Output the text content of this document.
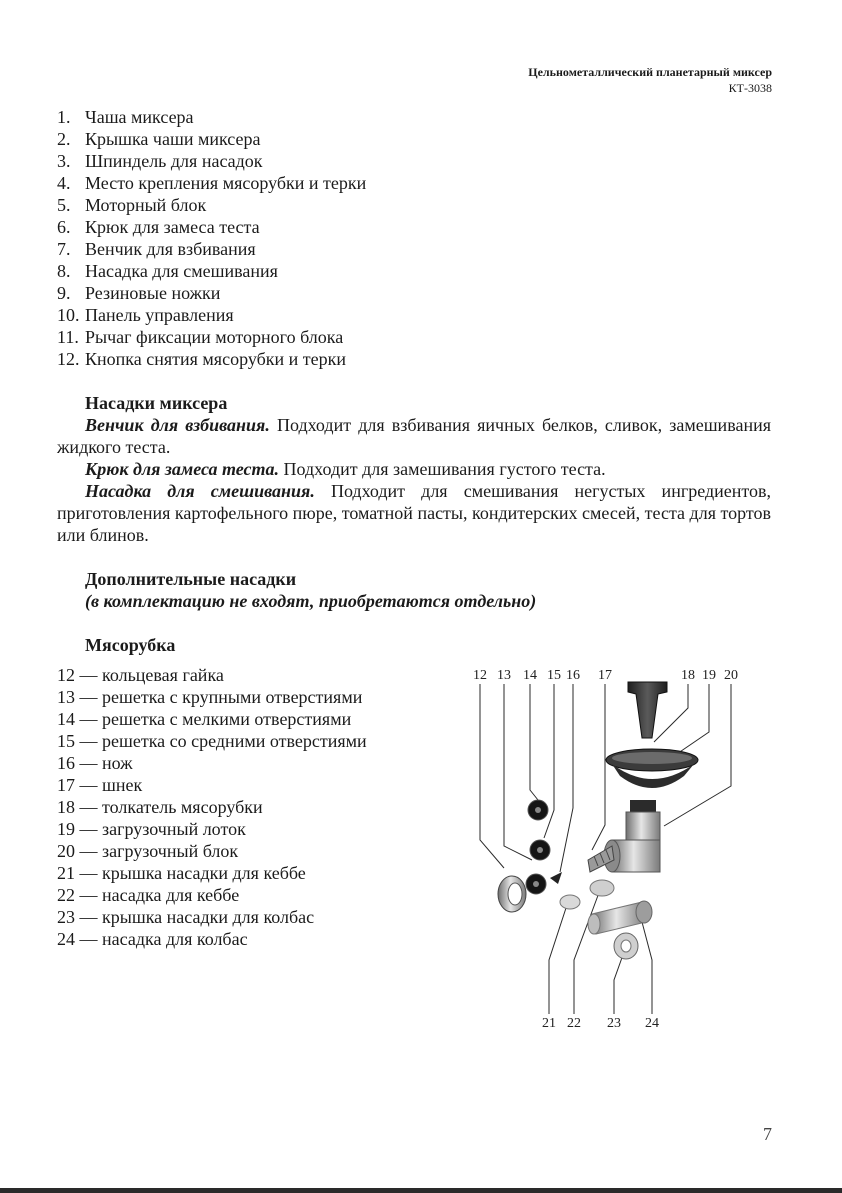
Цельнометаллический планетарный миксер
КТ-3038
1. Чаша миксера
2. Крышка чаши миксера
3. Шпиндель для насадок
4. Место крепления мясорубки и терки
5. Моторный блок
6. Крюк для замеса теста
7. Венчик для взбивания
8. Насадка для смешивания
9. Резиновые ножки
10. Панель управления
11. Рычаг фиксации моторного блока
12. Кнопка снятия мясорубки и терки
Насадки миксера

Венчик для взбивания. Подходит для взбивания яичных белков, сливок, замешивания жидкого теста.

Крюк для замеса теста. Подходит для замешивания густого теста.

Насадка для смешивания. Подходит для смешивания негустых ингредиентов, приготовления картофельного пюре, томатной пасты, кондитерских смесей, теста для тортов или блинов.

Дополнительные насадки
(в комплектацию не входят, приобретаются отдельно)
Мясорубка
12 — кольцевая гайка
13 — решетка с крупными отверстиями
14 — решетка с мелкими отверстиями
15 — решетка со средними отверстиями
16 — нож
17 — шнек
18 — толкатель мясорубки
19 — загрузочный лоток
20 — загрузочный блок
21 — крышка насадки для кеббе
22 — насадка для кеббе
23 — крышка насадки для колбас
24 — насадка для колбас
12 13 14 15 16 17	18 19 20
21 22 23 24
7
